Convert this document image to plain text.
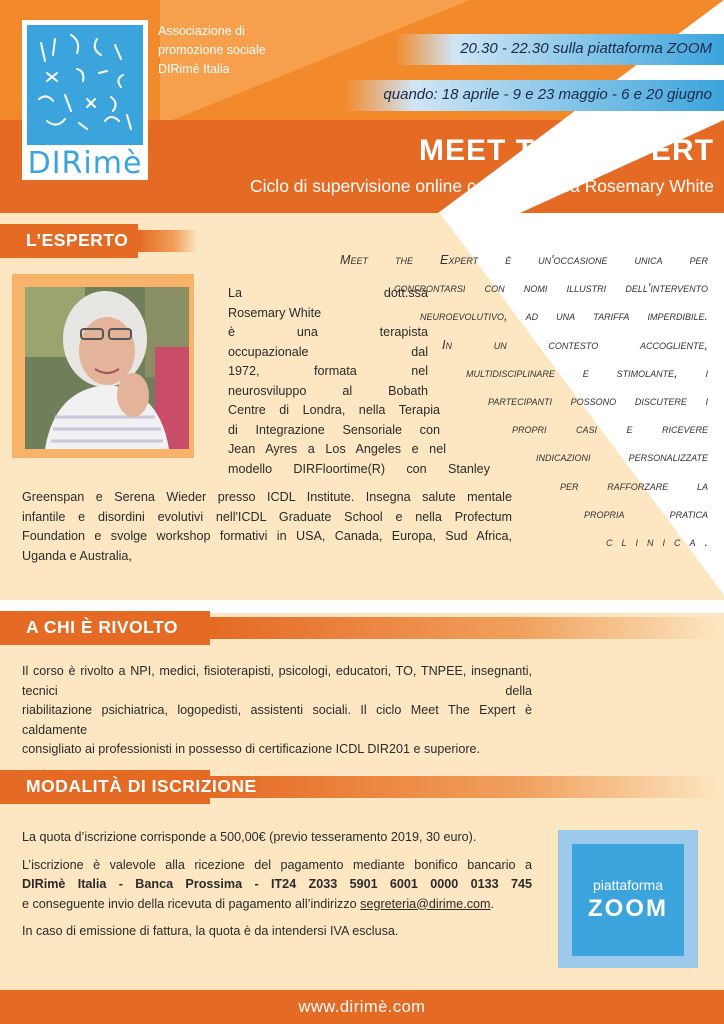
DIRimè
Associazione di
promozione sociale
DIRimè Italia
20.30 - 22.30 sulla piattaforma ZOOM
quando: 18 aprile - 9 e 23 maggio - 6 e 20 giugno
MEET THE EXPERT
Ciclo di supervisione online con la dott.ssa Rosemary White
L’ESPERTO
La dott.ssa
Rosemary White
è una terapista
occupazionale dal
1972, formata nel
neurosviluppo al Bobath
Centre di Londra, nella Terapia
di Integrazione Sensoriale con
Jean Ayres a Los Angeles e nel
modello DIRFloortime(R) con Stanley
Greenspan e Serena Wieder presso ICDL Institute. Insegna salute mentale
infantile e disordini evolutivi nell'ICDL Graduate School e nella Profectum
Foundation e svolge workshop formativi in USA, Canada, Europa, Sud Africa,
Uganda e Australia,
Meet the Expert è un'occasione unica per
confrontarsi con nomi illustri dell'intervento
neuroevolutivo, ad una tariffa imperdibile.
In un contesto accogliente,
multidisciplinare e stimolante, i
partecipanti possono discutere i
propri casi e ricevere
indicazioni personalizzate
per rafforzare la
propria pratica
c l i n i c a .
A CHI È RIVOLTO
Il corso è rivolto a NPI, medici, fisioterapisti, psicologi, educatori, TO, TNPEE, insegnanti, tecnici della
riabilitazione psichiatrica, logopedisti, assistenti sociali. Il ciclo Meet The Expert è caldamente
consigliato ai professionisti in possesso di certificazione ICDL DIR201 e superiore.
MODALITÀ DI ISCRIZIONE

La quota d’iscrizione corrisponde a 500,00€ (previo tesseramento 2019, 30 euro).

L’iscrizione è valevole alla ricezione del pagamento mediante bonifico bancario a
DIRimè Italia - Banca Prossima - IT24 Z033 5901 6001 0000 0133 745
e conseguente invio della ricevuta di pagamento all’indirizzo segreteria@dirime.com.

In caso di emissione di fattura, la quota è da intendersi IVA esclusa.

piattaforma
ZOOM
www.dirimè.com
